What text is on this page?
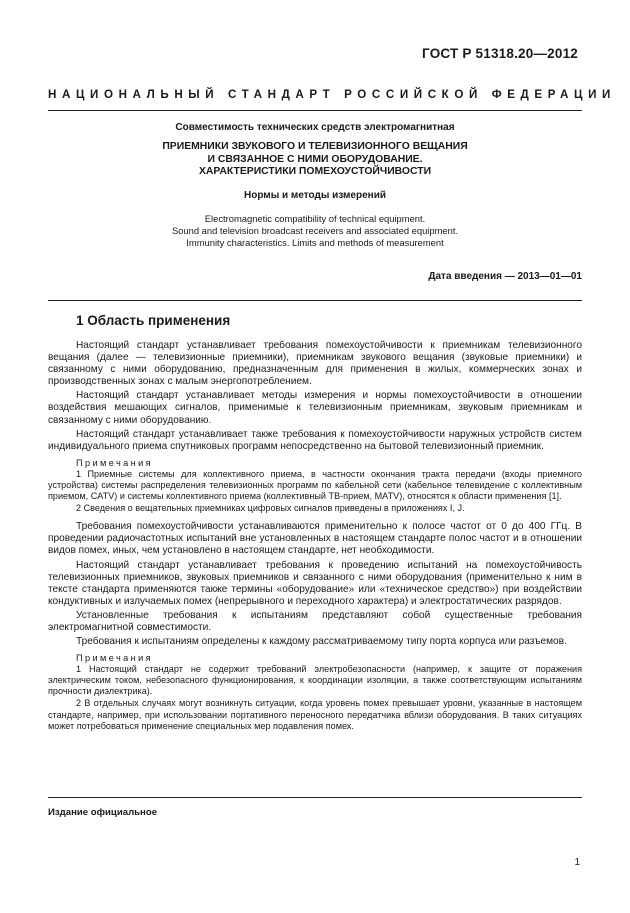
ГОСТ Р 51318.20—2012
НАЦИОНАЛЬНЫЙ СТАНДАРТ РОССИЙСКОЙ ФЕДЕРАЦИИ
Совместимость технических средств электромагнитная
ПРИЕМНИКИ ЗВУКОВОГО И ТЕЛЕВИЗИОННОГО ВЕЩАНИЯ
И СВЯЗАННОЕ С НИМИ ОБОРУДОВАНИЕ.
ХАРАКТЕРИСТИКИ ПОМЕХОУСТОЙЧИВОСТИ
Нормы и методы измерений
Electromagnetic compatibility of technical equipment.
Sound and television broadcast receivers and associated equipment.
Immunity characteristics. Limits and methods of measurement
Дата введения — 2013—01—01
1 Область применения

Настоящий стандарт устанавливает требования помехоустойчивости к приемникам телевизионного вещания (далее — телевизионные приемники), приемникам звукового вещания (звуковые приемники) и связанному с ними оборудованию, предназначенным для применения в жилых, коммерческих зонах и производственных зонах с малым энергопотреблением.

Настоящий стандарт устанавливает методы измерения и нормы помехоустойчивости в отношении воздействия мешающих сигналов, применимые к телевизионным приемникам, звуковым приемникам и связанному с ними оборудованию.

Настоящий стандарт устанавливает также требования к помехоустойчивости наружных устройств систем индивидуального приема спутниковых программ непосредственно на бытовой телевизионный приемник.

Примечания

1 Приемные системы для коллективного приема, в частности окончания тракта передачи (входы приемного устройства) системы распределения телевизионных программ по кабельной сети (кабельное телевидение с коллективным приемом, CATV) и системы коллективного приема (коллективный ТВ-прием, MATV), относятся к области применения [1].

2 Сведения о вещательных приемниках цифровых сигналов приведены в приложениях I, J.

Требования помехоустойчивости устанавливаются применительно к полосе частот от 0 до 400 ГГц. В проведении радиочастотных испытаний вне установленных в настоящем стандарте полос частот и в отношении видов помех, иных, чем установлено в настоящем стандарте, нет необходимости.

Настоящий стандарт устанавливает требования к проведению испытаний на помехоустойчивость телевизионных приемников, звуковых приемников и связанного с ними оборудования (применительно к ним в тексте стандарта применяются также термины «оборудование» или «техническое средство») при воздействии кондуктивных и излучаемых помех (непрерывного и переходного характера) и электростатических разрядов.

Установленные требования к испытаниям представляют собой существенные требования электромагнитной совместимости.

Требования к испытаниям определены к каждому рассматриваемому типу порта корпуса или разъемов.

Примечания

1 Настоящий стандарт не содержит требований электробезопасности (например, к защите от поражения электрическим током, небезопасного функционирования, к координации изоляции, а также соответствующим испытаниям прочности диэлектрика).

2 В отдельных случаях могут возникнуть ситуации, когда уровень помех превышает уровни, указанные в настоящем стандарте, например, при использовании портативного переносного передатчика вблизи оборудования. В таких ситуациях может потребоваться применение специальных мер подавления помех.

Издание официальное
1
